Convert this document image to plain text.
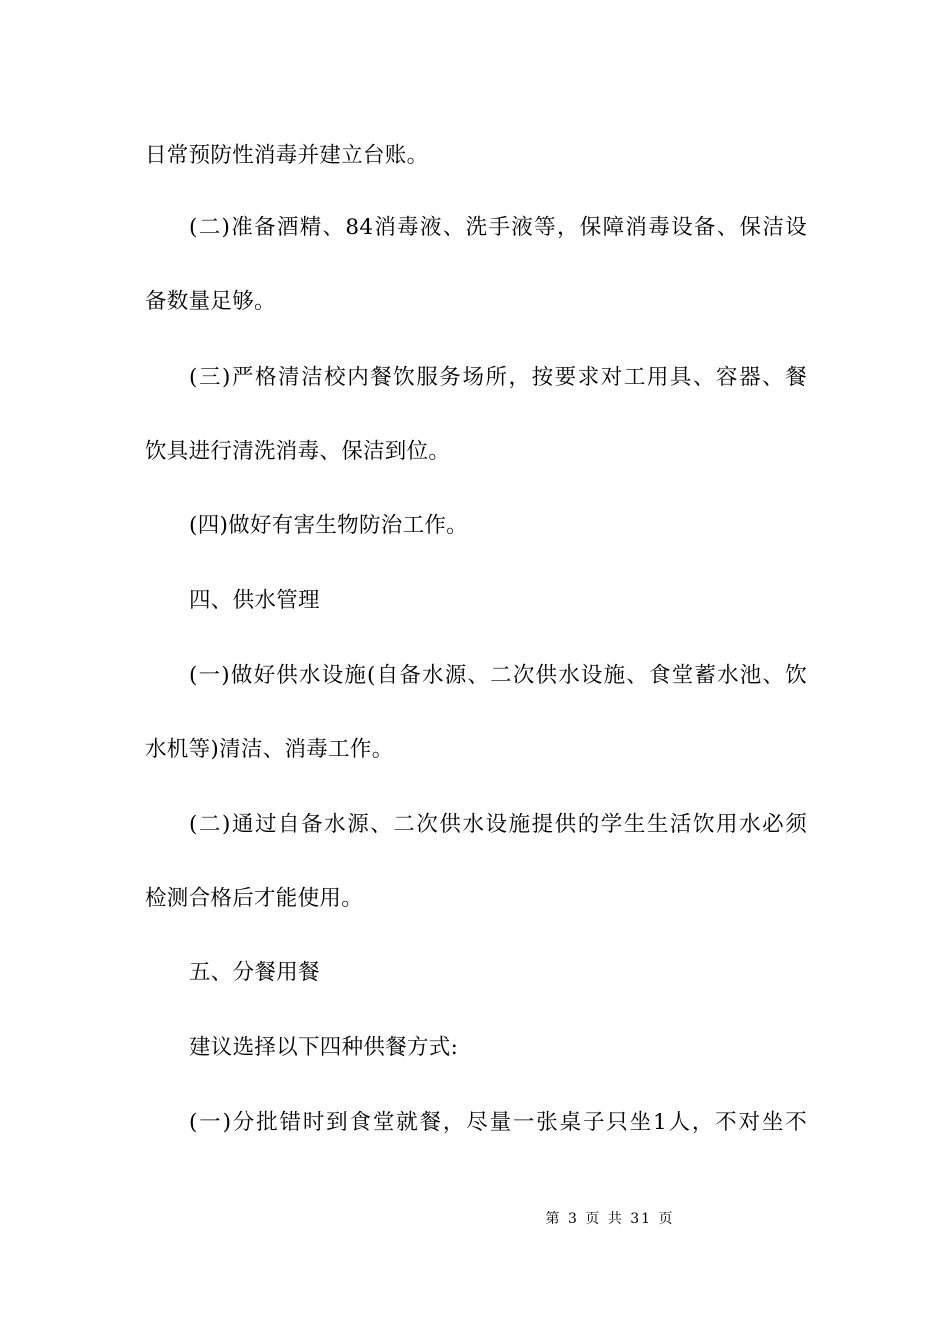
日常预防性消毒并建立台账。
(二)准备酒精、84消毒液、洗手液等，保障消毒设备、保洁设
备数量足够。
(三)严格清洁校内餐饮服务场所，按要求对工用具、容器、餐
饮具进行清洗消毒、保洁到位。
(四)做好有害生物防治工作。
四、供水管理
(一)做好供水设施(自备水源、二次供水设施、食堂蓄水池、饮
水机等)清洁、消毒工作。
(二)通过自备水源、二次供水设施提供的学生生活饮用水必须
检测合格后才能使用。
五、分餐用餐
建议选择以下四种供餐方式:
(一)分批错时到食堂就餐，尽量一张桌子只坐1人，不对坐不
第 3 页 共 31 页
